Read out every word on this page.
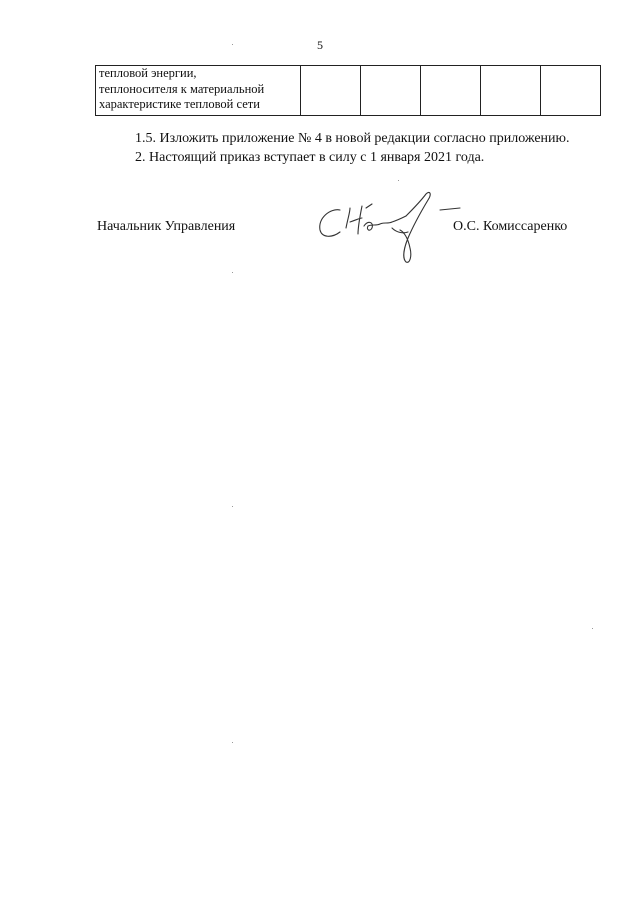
5
тепловой энергии,
теплоносителя к материальной
характеристике тепловой сети

1.5. Изложить приложение № 4 в новой редакции согласно приложению.
2. Настоящий приказ вступает в силу с 1 января 2021 года.
Начальник Управления	О.С. Комиссаренко
